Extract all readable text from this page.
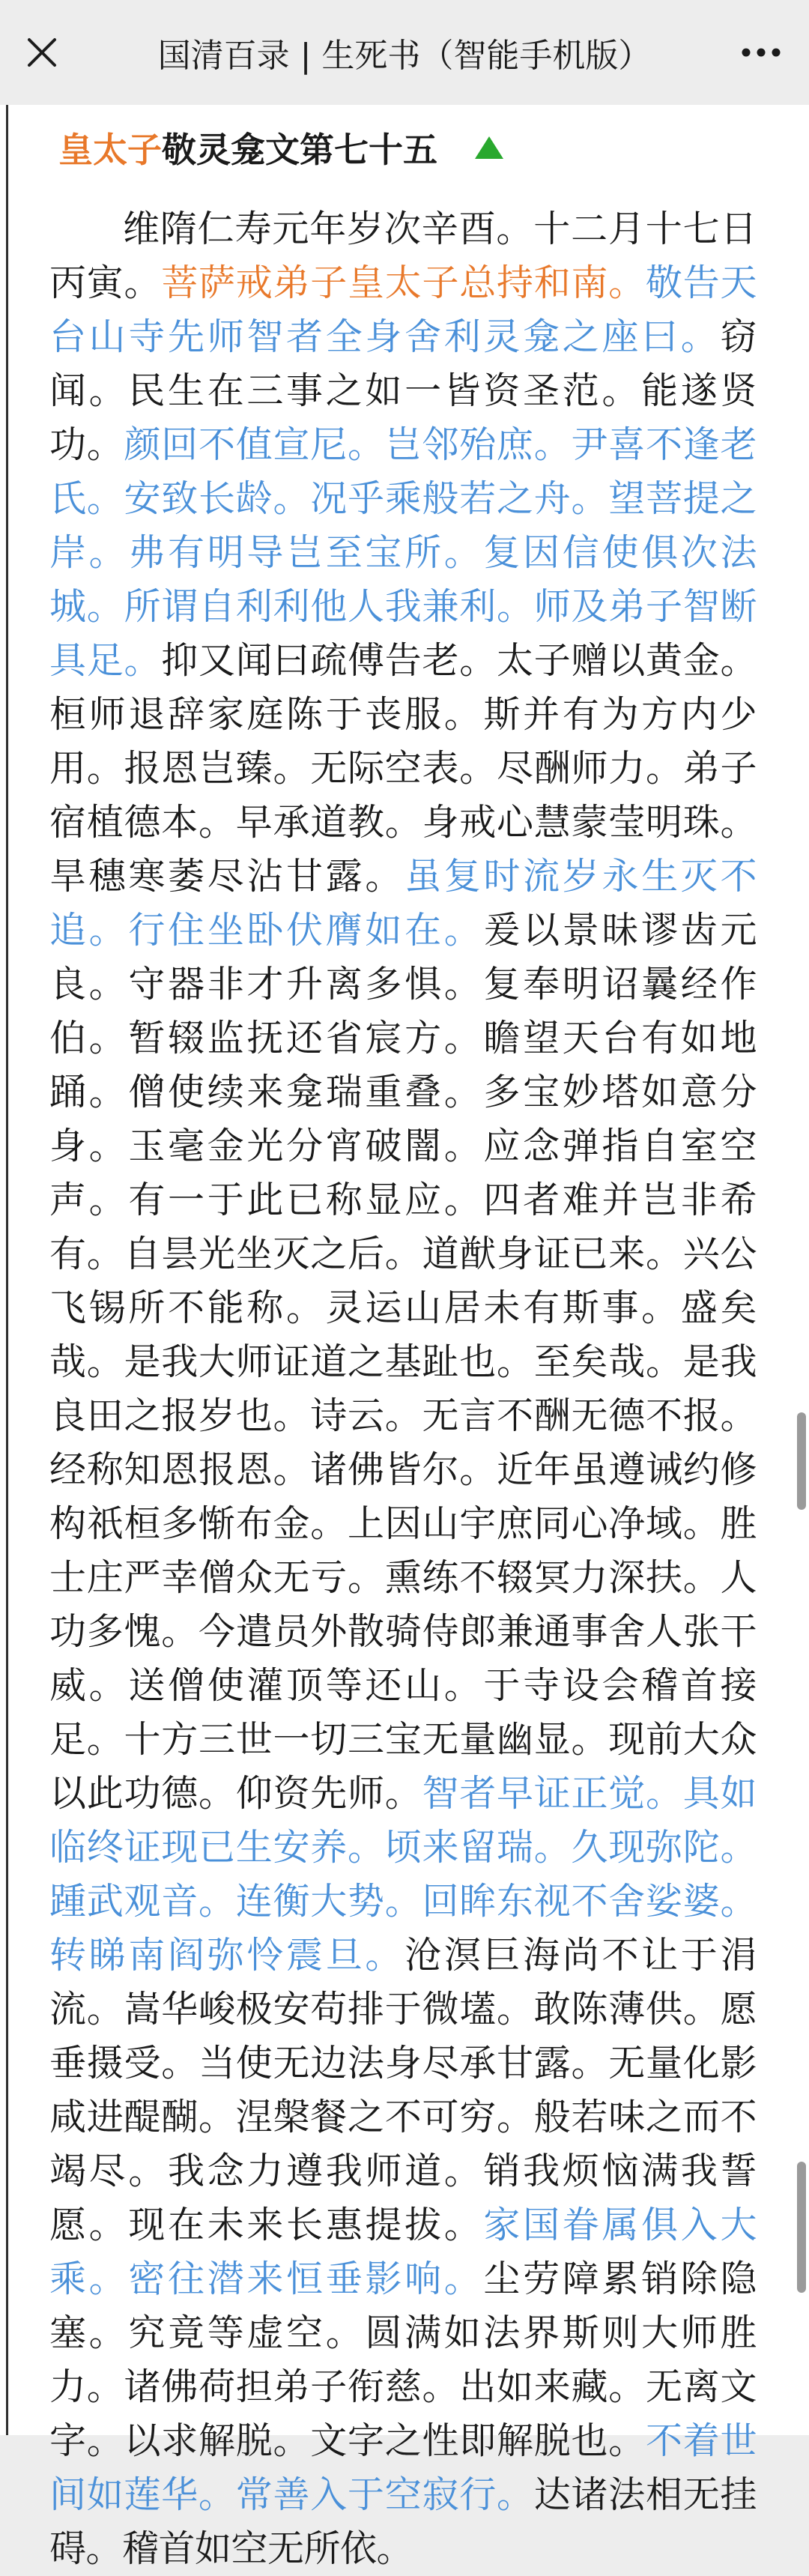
国清百录 | 生死书（智能手机版）
皇太子 敬灵龛文第七十五

维隋仁寿元年岁次辛酉。十二月十七日丙寅。菩萨戒弟子皇太子总持和南。敬告天台山寺先师智者全身舍利灵龛之座曰。窃闻。民生在三事之如一皆资圣范。能遂贤功。颜回不值宣尼。岂邻殆庶。尹喜不逢老氏。安致长龄。况乎乘般若之舟。望菩提之岸。弗有明导岂至宝所。复因信使俱次法城。所谓自利利他人我兼利。师及弟子智断具足。抑又闻曰疏傅告老。太子赠以黄金。桓师退辞家庭陈于丧服。斯并有为方内少用。报恩岂臻。无际空表。尽酬师力。弟子宿植德本。早承道教。身戒心慧蒙莹明珠。旱穗寒萎尽沾甘露。虽复时流岁永生灭不追。行住坐卧伏膺如在。爰以景昧谬齿元良。守器非才升离多惧。复奉明诏曩经作伯。暂辍监抚还省宸方。瞻望天台有如地踊。僧使续来龛瑞重叠。多宝妙塔如意分身。玉毫金光分宵破闇。应念弹指自室空声。有一于此已称显应。四者难并岂非希有。自昙光坐灭之后。道猷身证已来。兴公飞锡所不能称。灵运山居未有斯事。盛矣哉。是我大师证道之基趾也。至矣哉。是我良田之报岁也。诗云。无言不酬无德不报。经称知恩报恩。诸佛皆尔。近年虽遵诫约修构祇桓多惭布金。上因山宇庶同心净域。胜士庄严幸僧众无亏。熏练不辍冥力深扶。人功多愧。今遣员外散骑侍郎兼通事舍人张干威。送僧使灌顶等还山。于寺设会稽首接足。十方三世一切三宝无量幽显。现前大众以此功德。仰资先师。智者早证正觉。具如临终证现已生安养。顷来留瑞。久现弥陀。踵武观音。连衡大势。回眸东视不舍娑婆。转睇南阎弥怜震旦。沧溟巨海尚不让于涓流。嵩华峻极安苟排于微壒。敢陈薄供。愿垂摄受。当使无边法身尽承甘露。无量化影咸进醍醐。涅槃餐之不可穷。般若味之而不竭尽。我念力遵我师道。销我烦恼满我誓愿。现在未来长惠提拔。家国眷属俱入大乘。密往潜来恒垂影响。尘劳障累销除隐塞。究竟等虚空。圆满如法界斯则大师胜力。诸佛荷担弟子衔慈。出如来藏。无离文字。以求解脱。文字之性即解脱也。不着世间如莲华。常善入于空寂行。达诸法相无挂碍。稽首如空无所依。
